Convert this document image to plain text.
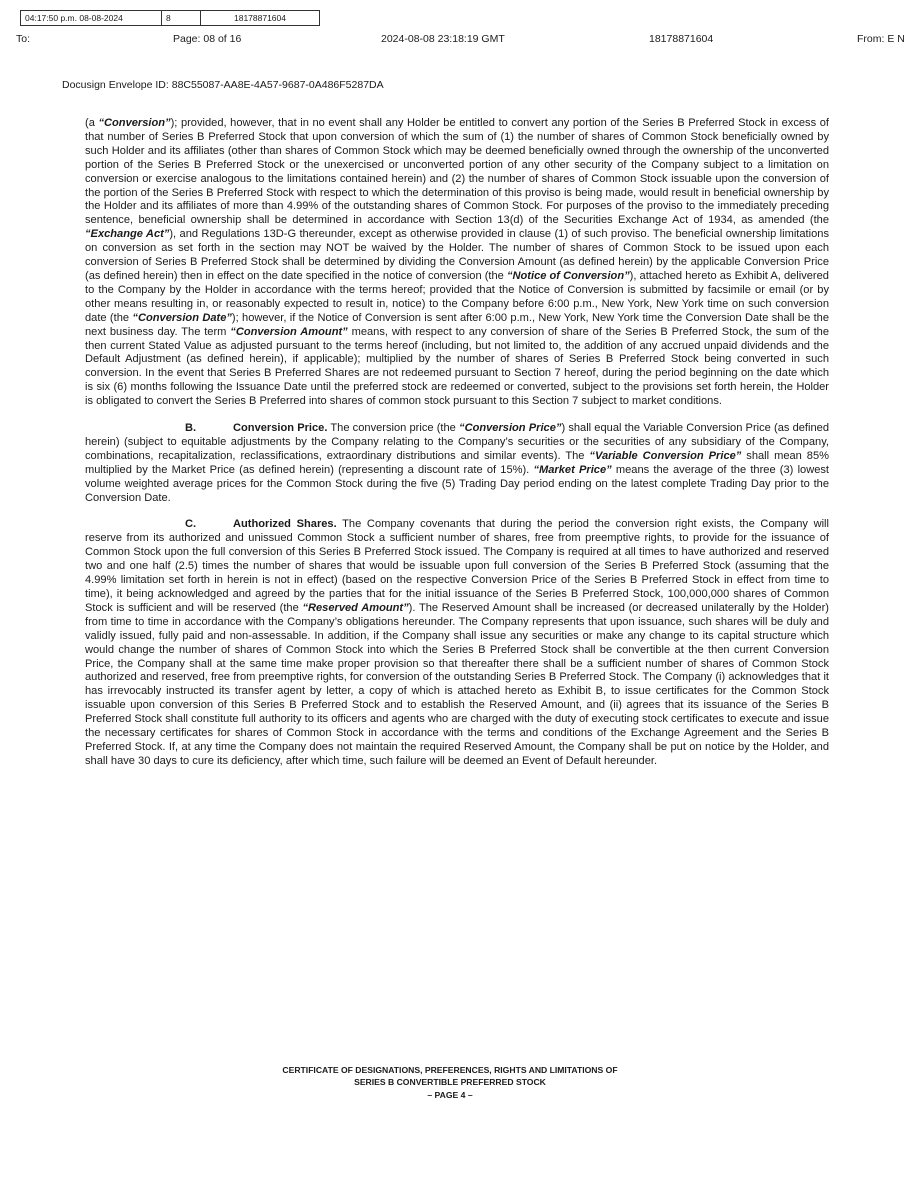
04:17:50 p.m. 08-08-2024	8	18178871604
To:	Page: 08 of 16	2024-08-08 23:18:19 GMT	18178871604	From: E N
Docusign Envelope ID: 88C55087-AA8E-4A57-9687-0A486F5287DA

(a “Conversion”); provided, however, that in no event shall any Holder be entitled to convert any portion of the Series B Preferred Stock in excess of that number of Series B Preferred Stock that upon conversion of which the sum of (1) the number of shares of Common Stock beneficially owned by such Holder and its affiliates (other than shares of Common Stock which may be deemed beneficially owned through the ownership of the unconverted portion of the Series B Preferred Stock or the unexercised or unconverted portion of any other security of the Company subject to a limitation on conversion or exercise analogous to the limitations contained herein) and (2) the number of shares of Common Stock issuable upon the conversion of the portion of the Series B Preferred Stock with respect to which the determination of this proviso is being made, would result in beneficial ownership by the Holder and its affiliates of more than 4.99% of the outstanding shares of Common Stock. For purposes of the proviso to the immediately preceding sentence, beneficial ownership shall be determined in accordance with Section 13(d) of the Securities Exchange Act of 1934, as amended (the “Exchange Act”), and Regulations 13D-G thereunder, except as otherwise provided in clause (1) of such proviso. The beneficial ownership limitations on conversion as set forth in the section may NOT be waived by the Holder. The number of shares of Common Stock to be issued upon each conversion of Series B Preferred Stock shall be determined by dividing the Conversion Amount (as defined herein) by the applicable Conversion Price (as defined herein) then in effect on the date specified in the notice of conversion (the “Notice of Conversion”), attached hereto as Exhibit A, delivered to the Company by the Holder in accordance with the terms hereof; provided that the Notice of Conversion is submitted by facsimile or email (or by other means resulting in, or reasonably expected to result in, notice) to the Company before 6:00 p.m., New York, New York time on such conversion date (the “Conversion Date”); however, if the Notice of Conversion is sent after 6:00 p.m., New York, New York time the Conversion Date shall be the next business day. The term “Conversion Amount” means, with respect to any conversion of share of the Series B Preferred Stock, the sum of the then current Stated Value as adjusted pursuant to the terms hereof (including, but not limited to, the addition of any accrued unpaid dividends and the Default Adjustment (as defined herein), if applicable); multiplied by the number of shares of Series B Preferred Stock being converted in such conversion. In the event that Series B Preferred Shares are not redeemed pursuant to Section 7 hereof, during the period beginning on the date which is six (6) months following the Issuance Date until the preferred stock are redeemed or converted, subject to the provisions set forth herein, the Holder is obligated to convert the Series B Preferred into shares of common stock pursuant to this Section 7 subject to market conditions.

B.	Conversion Price. The conversion price (the “Conversion Price”) shall equal the Variable Conversion Price (as defined herein) (subject to equitable adjustments by the Company relating to the Company’s securities or the securities of any subsidiary of the Company, combinations, recapitalization, reclassifications, extraordinary distributions and similar events). The “Variable Conversion Price” shall mean 85% multiplied by the Market Price (as defined herein) (representing a discount rate of 15%). “Market Price” means the average of the three (3) lowest volume weighted average prices for the Common Stock during the five (5) Trading Day period ending on the latest complete Trading Day prior to the Conversion Date.

C.	Authorized Shares. The Company covenants that during the period the conversion right exists, the Company will reserve from its authorized and unissued Common Stock a sufficient number of shares, free from preemptive rights, to provide for the issuance of Common Stock upon the full conversion of this Series B Preferred Stock issued. The Company is required at all times to have authorized and reserved two and one half (2.5) times the number of shares that would be issuable upon full conversion of the Series B Preferred Stock (assuming that the 4.99% limitation set forth in herein is not in effect) (based on the respective Conversion Price of the Series B Preferred Stock in effect from time to time), it being acknowledged and agreed by the parties that for the initial issuance of the Series B Preferred Stock, 100,000,000 shares of Common Stock is sufficient and will be reserved (the “Reserved Amount”). The Reserved Amount shall be increased (or decreased unilaterally by the Holder) from time to time in accordance with the Company’s obligations hereunder. The Company represents that upon issuance, such shares will be duly and validly issued, fully paid and non-assessable. In addition, if the Company shall issue any securities or make any change to its capital structure which would change the number of shares of Common Stock into which the Series B Preferred Stock shall be convertible at the then current Conversion Price, the Company shall at the same time make proper provision so that thereafter there shall be a sufficient number of shares of Common Stock authorized and reserved, free from preemptive rights, for conversion of the outstanding Series B Preferred Stock. The Company (i) acknowledges that it has irrevocably instructed its transfer agent by letter, a copy of which is attached hereto as Exhibit B, to issue certificates for the Common Stock issuable upon conversion of this Series B Preferred Stock and to establish the Reserved Amount, and (ii) agrees that its issuance of the Series B Preferred Stock shall constitute full authority to its officers and agents who are charged with the duty of executing stock certificates to execute and issue the necessary certificates for shares of Common Stock in accordance with the terms and conditions of the Exchange Agreement and the Series B Preferred Stock. If, at any time the Company does not maintain the required Reserved Amount, the Company shall be put on notice by the Holder, and shall have 30 days to cure its deficiency, after which time, such failure will be deemed an Event of Default hereunder.

CERTIFICATE OF DESIGNATIONS, PREFERENCES, RIGHTS AND LIMITATIONS OF
SERIES B CONVERTIBLE PREFERRED STOCK
– PAGE 4 –
